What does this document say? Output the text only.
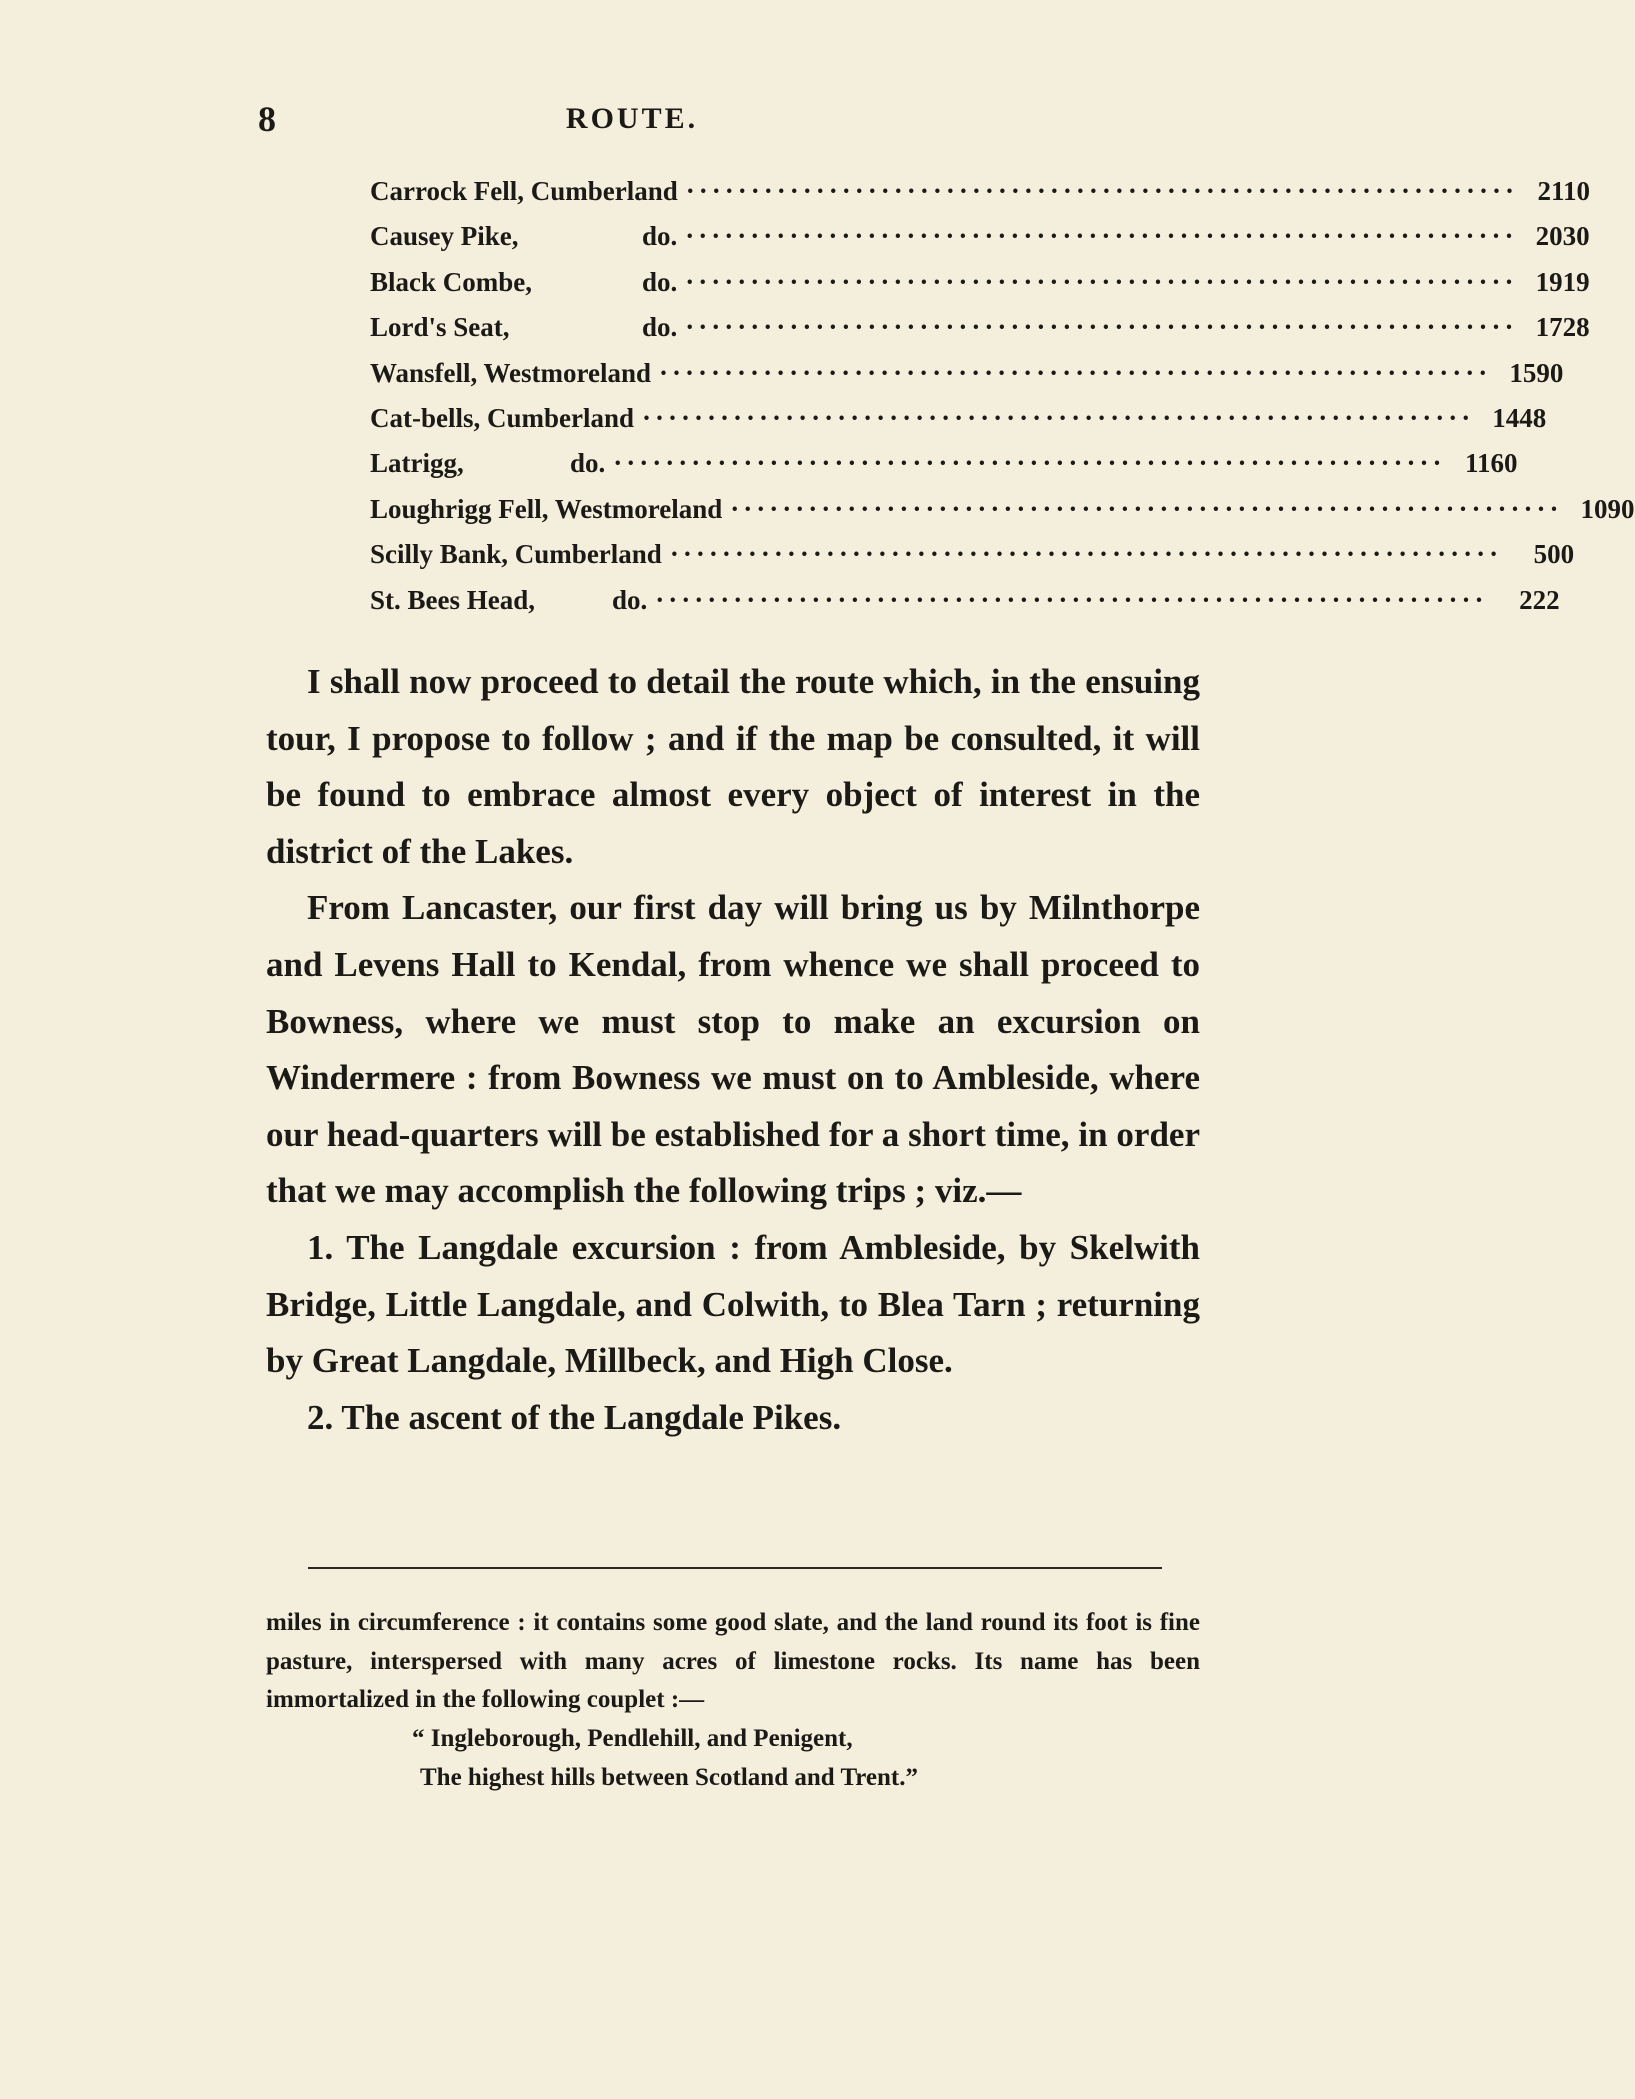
8	ROUTE.
Carrock Fell, Cumberland ································································ 2110
Causey Pike,	do. ································································ 2030
Black Combe,	do. ································································ 1919
Lord's Seat,	do. ································································ 1728
Wansfell, Westmoreland ································································ 1590
Cat-bells, Cumberland ································································ 1448
Latrigg,	do. ································································ 1160
Loughrigg Fell, Westmoreland ································································ 1090
Scilly Bank, Cumberland ································································	500
St. Bees Head,	do. ································································	222

I shall now proceed to detail the route which, in the ensuing tour, I propose to follow ; and if the map be consulted, it will be found to embrace almost every object of interest in the district of the Lakes.

From Lancaster, our first day will bring us by Milnthorpe and Levens Hall to Kendal, from whence we shall proceed to Bowness, where we must stop to make an excursion on Windermere : from Bowness we must on to Ambleside, where our head-quarters will be established for a short time, in order that we may accomplish the following trips ; viz.—

1. The Langdale excursion : from Ambleside, by Skelwith Bridge, Little Langdale, and Colwith, to Blea Tarn ; returning by Great Langdale, Millbeck, and High Close.

2. The ascent of the Langdale Pikes.

miles in circumference : it contains some good slate, and the land round its foot is fine pasture, interspersed with many acres of limestone rocks. Its name has been immortalized in the following couplet :—

“ Ingleborough, Pendlehill, and Penigent,
The highest hills between Scotland and Trent.”
